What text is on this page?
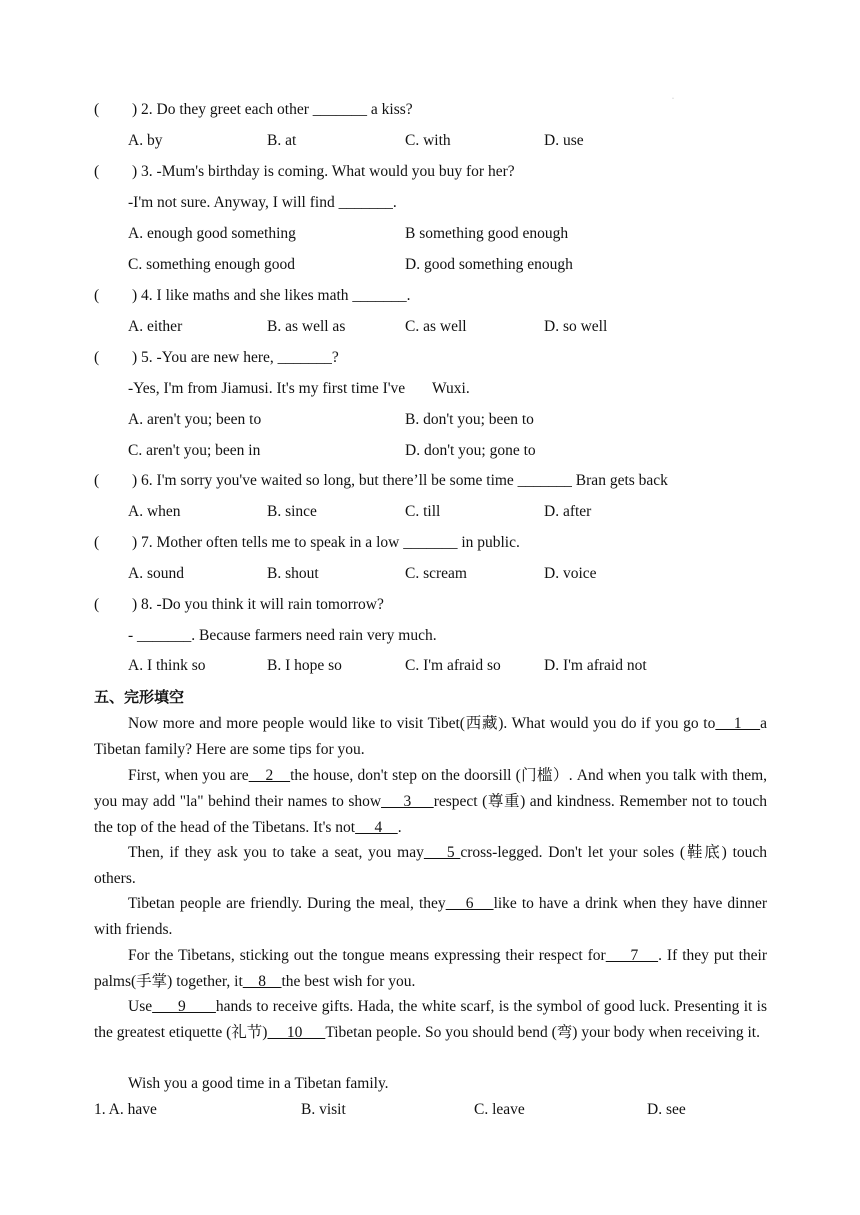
·
( ) 2. Do they greet each other _______ a kiss?
A. by	B. at	C. with	D. use
( ) 3. -Mum's birthday is coming. What would you buy for her?
-I'm not sure. Anyway, I will find _______.
A. enough good something	B something good enough
C. something enough good	D. good something enough
( ) 4. I like maths and she likes math _______.
A. either	B. as well as	C. as well	D. so well
( ) 5. -You are new here, _______?
-Yes, I'm from Jiamusi. It's my first time I've       Wuxi.
A. aren't you; been to	B. don't you; been to
C. aren't you; been in	D. don't you; gone to
( ) 6. I'm sorry you've waited so long, but there’ll be some time _______ Bran gets back
A. when	B. since	C. till	D. after
( ) 7. Mother often tells me to speak in a low _______ in public.
A. sound	B. shout	C. scream	D. voice
( ) 8. -Do you think it will rain tomorrow?
- _______. Because farmers need rain very much.
A. I think so	B. I hope so	C. I'm afraid so	D. I'm afraid not
五、完形填空
Now more and more people would like to visit Tibet(西藏). What would you do if you go to    1    a Tibetan family? Here are some tips for you.
First, when you are    2    the house, don't step on the doorsill (门槛）. And when you talk with them, you may add "la" behind their names to show     3     respect (尊重) and kindness. Remember not to touch the top of the head of the Tibetans. It's not     4    .
Then, if they ask you to take a seat, you may    5 cross-legged. Don't let your soles (鞋底) touch others.
Tibetan people are friendly. During the meal, they    6    like to have a drink when they have dinner with friends.
For the Tibetans, sticking out the tongue means expressing their respect for     7    . If they put their palms(手掌) together, it    8    the best wish for you.
Use      9       hands to receive gifts. Hada, the white scarf, is the symbol of good luck. Presenting it is the greatest etiquette (礼节)     10      Tibetan people. So you should bend (弯) your body when receiving it.
Wish you a good time in a Tibetan family.
1. A. have	B. visit	C. leave	D. see
